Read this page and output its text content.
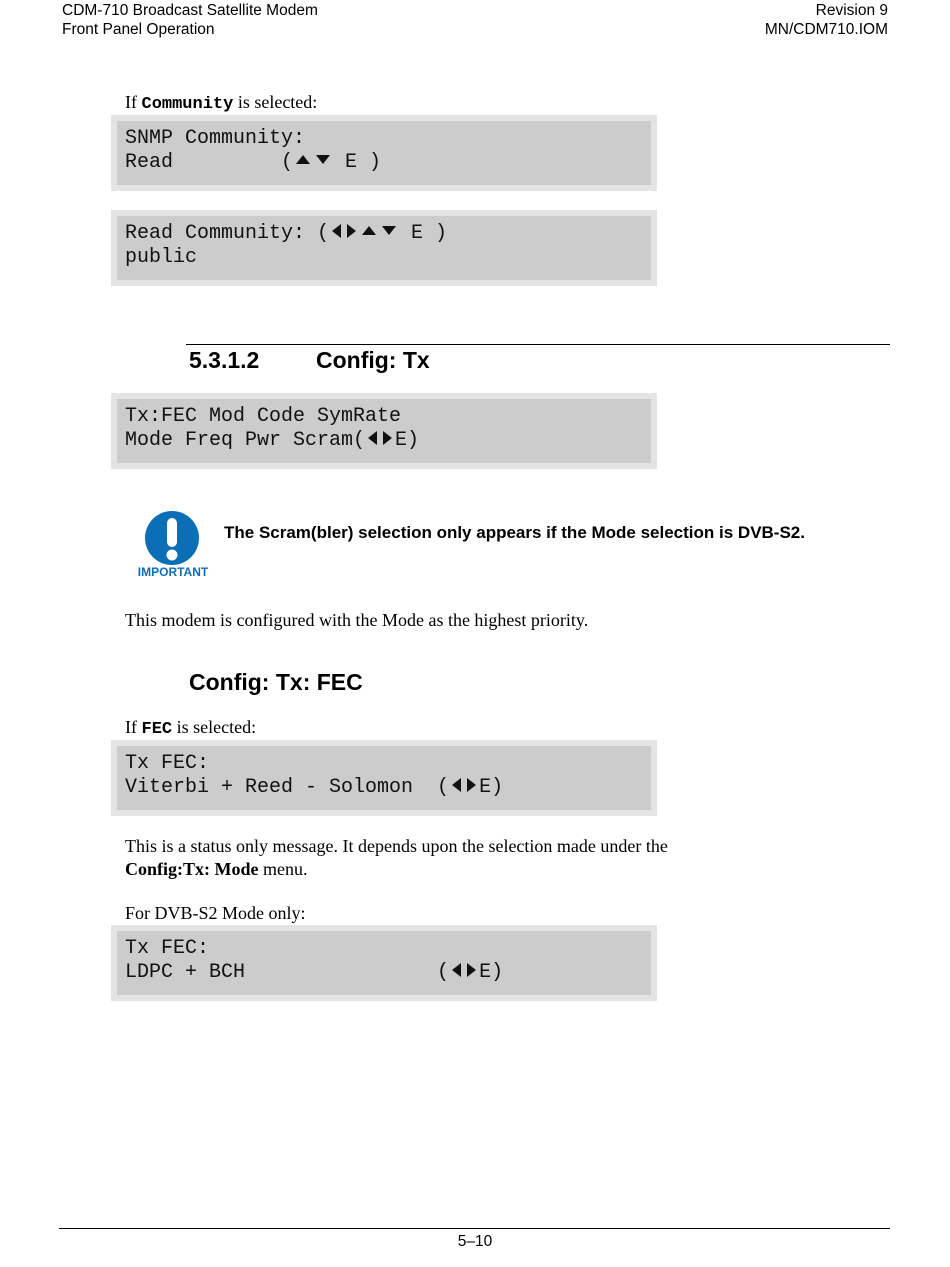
CDM-710 Broadcast Satellite Modem
Front Panel Operation
Revision 9
MN/CDM710.IOM
If Community is selected:
SNMP Community:
Read         ( E )
Read Community: (	E )
public
5.3.1.2 Config: Tx
Tx:FEC Mod Code SymRate
Mode Freq Pwr Scram( E)
IMPORTANT
The Scram(bler) selection only appears if the Mode selection is DVB-S2.
This modem is configured with the Mode as the highest priority.
Config: Tx: FEC
If FEC is selected:
Tx FEC:
Viterbi + Reed - Solomon  ( E)
This is a status only message. It depends upon the selection made under the
Config:Tx: Mode menu.
For DVB-S2 Mode only:
Tx FEC:
LDPC + BCH                ( E)
5–10
